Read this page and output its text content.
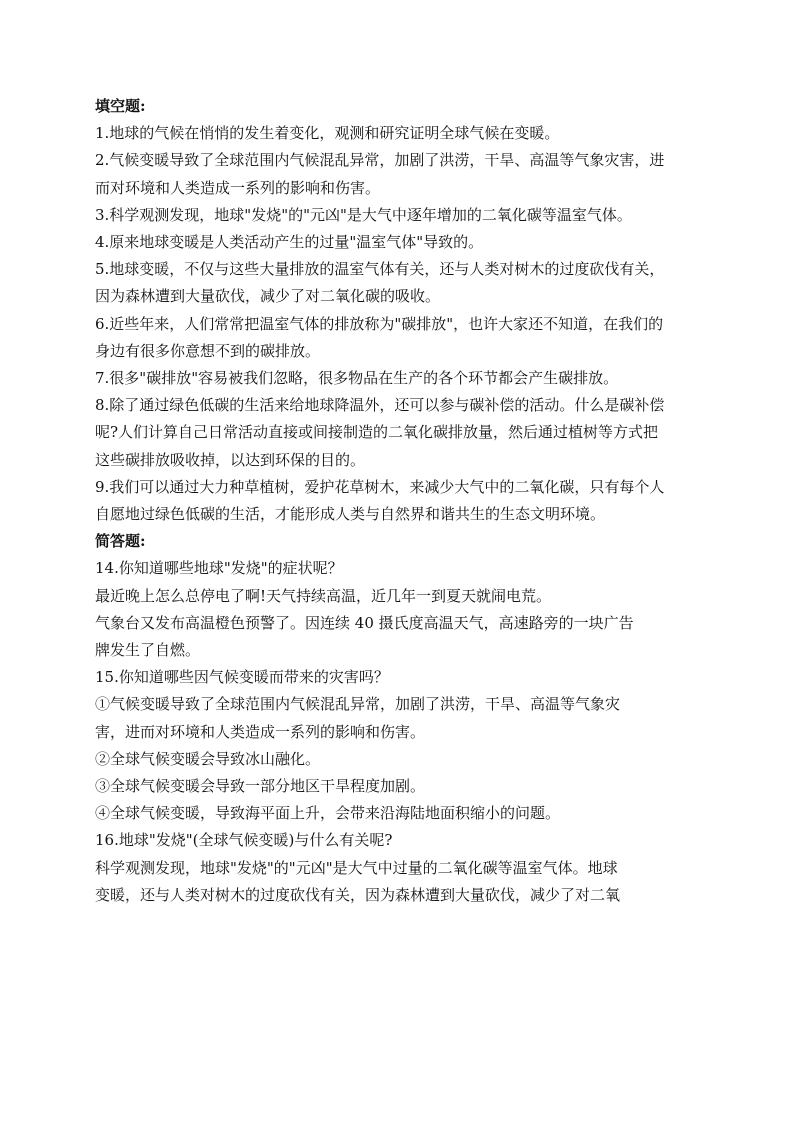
填空题:
1.地球的气候在悄悄的发生着变化，观测和研究证明全球气候在变暖。
2.气候变暖导致了全球范围内气候混乱异常，加剧了洪涝，干旱、高温等气象灾害，进
而对环境和人类造成一系列的影响和伤害。
3.科学观测发现，地球"发烧"的"元凶"是大气中逐年增加的二氧化碳等温室气体。
4.原来地球变暖是人类活动产生的过量"温室气体"导致的。
5.地球变暖，不仅与这些大量排放的温室气体有关，还与人类对树木的过度砍伐有关，
因为森林遭到大量砍伐，减少了对二氧化碳的吸收。
6.近些年来，人们常常把温室气体的排放称为"碳排放"，也许大家还不知道，在我们的
身边有很多你意想不到的碳排放。
7.很多"碳排放"容易被我们忽略，很多物品在生产的各个环节都会产生碳排放。
8.除了通过绿色低碳的生活来给地球降温外，还可以参与碳补偿的活动。什么是碳补偿
呢?人们计算自己日常活动直接或间接制造的二氧化碳排放量，然后通过植树等方式把
这些碳排放吸收掉，以达到环保的目的。
9.我们可以通过大力种草植树，爱护花草树木，来减少大气中的二氧化碳，只有每个人
自愿地过绿色低碳的生活，才能形成人类与自然界和谐共生的生态文明环境。
简答题:
14.你知道哪些地球"发烧"的症状呢？
最近晚上怎么总停电了啊!天气持续高温，近几年一到夏天就闹电荒。
气象台又发布高温橙色预警了。因连续 40 摄氏度高温天气，高速路旁的一块广告
牌发生了自燃。
15.你知道哪些因气候变暖而带来的灾害吗？
①气候变暖导致了全球范围内气候混乱异常，加剧了洪涝，干旱、高温等气象灾
害，进而对环境和人类造成一系列的影响和伤害。
②全球气候变暖会导致冰山融化。
③全球气候变暖会导致一部分地区干旱程度加剧。
④全球气候变暖，导致海平面上升，会带来沿海陆地面积缩小的问题。
16.地球"发烧"(全球气候变暖)与什么有关呢?
科学观测发现，地球"发烧"的"元凶"是大气中过量的二氧化碳等温室气体。地球
变暖，还与人类对树木的过度砍伐有关，因为森林遭到大量砍伐，减少了对二氧
